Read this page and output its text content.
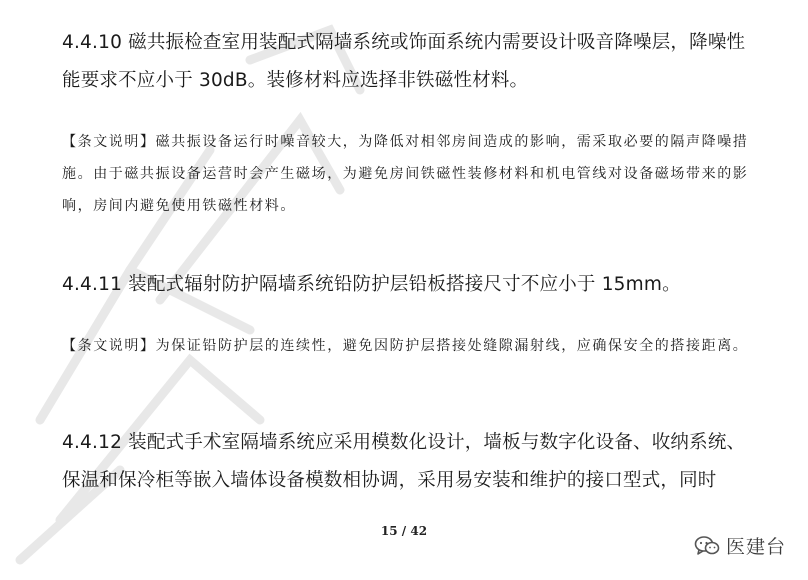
4.4.10 磁共振检查室用装配式隔墙系统或饰面系统内需要设计吸音降噪层，降噪性能要求不应小于 30dB。装修材料应选择非铁磁性材料。

【条文说明】磁共振设备运行时噪音较大，为降低对相邻房间造成的影响，需采取必要的隔声降噪措施。由于磁共振设备运营时会产生磁场，为避免房间铁磁性装修材料和机电管线对设备磁场带来的影响，房间内避免使用铁磁性材料。

4.4.11 装配式辐射防护隔墙系统铅防护层铅板搭接尺寸不应小于 15mm。

【条文说明】为保证铅防护层的连续性，避免因防护层搭接处缝隙漏射线，应确保安全的搭接距离。

4.4.12 装配式手术室隔墙系统应采用模数化设计，墙板与数字化设备、收纳系统、保温和保冷柜等嵌入墙体设备模数相协调，采用易安装和维护的接口型式，同时

15 / 42
医建台
